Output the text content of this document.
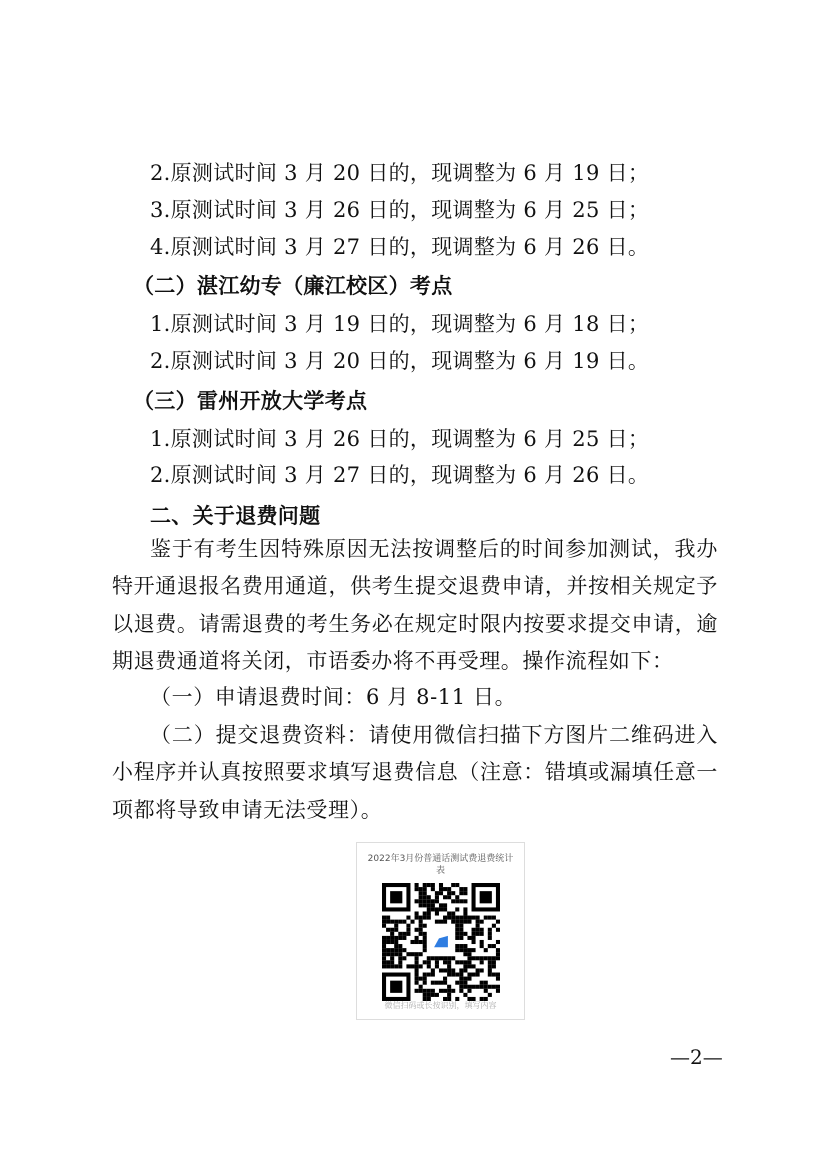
2.原测试时间 3 月 20 日的，现调整为 6 月 19 日；
3.原测试时间 3 月 26 日的，现调整为 6 月 25 日；
4.原测试时间 3 月 27 日的，现调整为 6 月 26 日。
（二）湛江幼专（廉江校区）考点
1.原测试时间 3 月 19 日的，现调整为 6 月 18 日；
2.原测试时间 3 月 20 日的，现调整为 6 月 19 日。
（三）雷州开放大学考点
1.原测试时间 3 月 26 日的，现调整为 6 月 25 日；
2.原测试时间 3 月 27 日的，现调整为 6 月 26 日。
二、关于退费问题
鉴于有考生因特殊原因无法按调整后的时间参加测试，我办特开通退报名费用通道，供考生提交退费申请，并按相关规定予以退费。请需退费的考生务必在规定时限内按要求提交申请，逾期退费通道将关闭，市语委办将不再受理。操作流程如下：
（一）申请退费时间：6 月 8-11 日。
（二）提交退费资料：请使用微信扫描下方图片二维码进入小程序并认真按照要求填写退费信息（注意：错填或漏填任意一项都将导致申请无法受理）。
2022年3月份普通话测试费退费统计表
微信扫码或长按识别，填写内容
—2—
